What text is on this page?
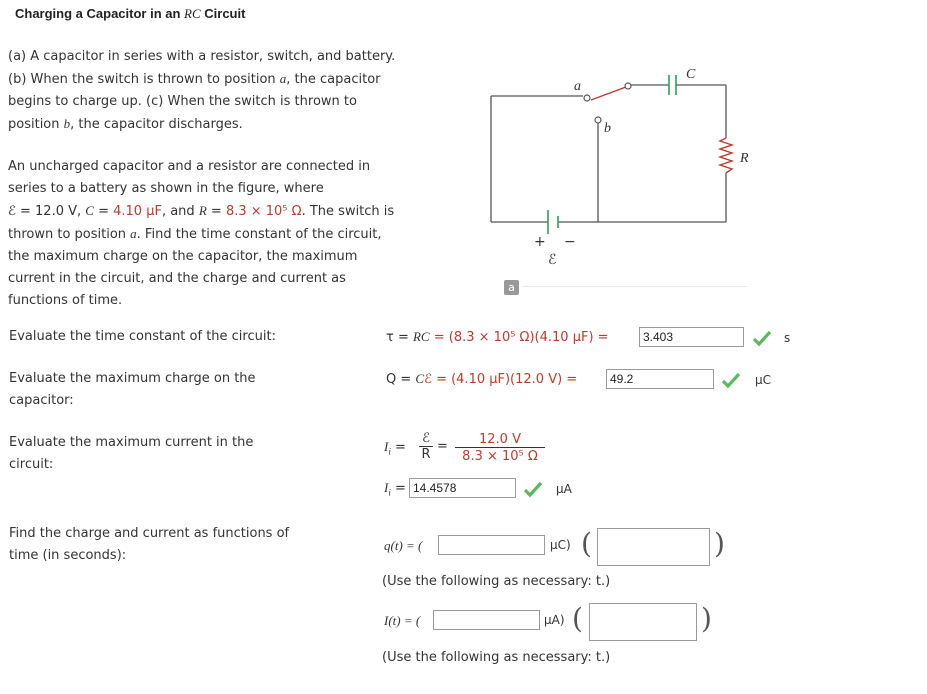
Charging a Capacitor in an RC Circuit
(a) A capacitor in series with a resistor, switch, and battery.
(b) When the switch is thrown to position a, the capacitor
begins to charge up. (c) When the switch is thrown to
position b, the capacitor discharges.
An uncharged capacitor and a resistor are connected in
series to a battery as shown in the figure, where
ℰ = 12.0 V, C = 4.10 μF, and R = 8.3 × 10⁵ Ω. The switch is
thrown to position a. Find the time constant of the circuit,
the maximum charge on the capacitor, the maximum
current in the circuit, and the charge and current as
functions of time.
a
b
C
R
+ −
ℰ
a
Evaluate the time constant of the circuit:	τ = RC = (8.3 × 10⁵ Ω)(4.10 μF) =	3.403	s
Evaluate the maximum charge on the
capacitor:
Q = Cℰ = (4.10 μF)(12.0 V) =	49.2	μC
Evaluate the maximum current in the
circuit:
$I_i$ =
ℰ
R
=	12.0 V
8.3 × 10⁵ Ω
$I_i = 14.4578$	μA
Find the charge and current as functions of
time (in seconds):
q(t) = (	μC) (	)
(Use the following as necessary: t.)
I(t) = (	μA) (	)
(Use the following as necessary: t.)
